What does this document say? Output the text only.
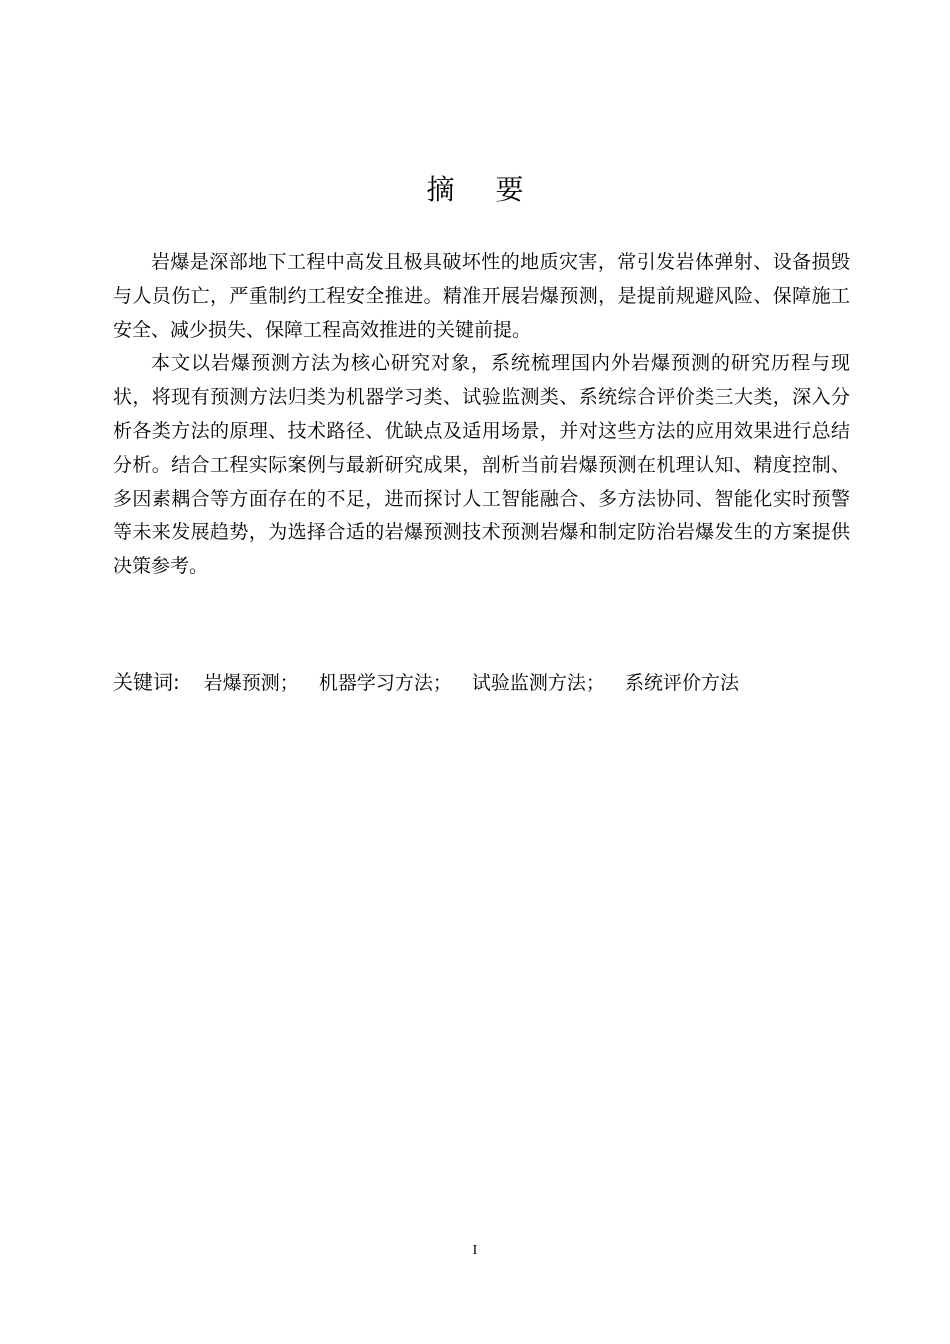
摘 要

岩爆是深部地下工程中高发且极具破坏性的地质灾害，常引发岩体弹射、设备损毁与人员伤亡，严重制约工程安全推进。精准开展岩爆预测，是提前规避风险、保障施工安全、减少损失、保障工程高效推进的关键前提。

本文以岩爆预测方法为核心研究对象，系统梳理国内外岩爆预测的研究历程与现状，将现有预测方法归类为机器学习类、试验监测类、系统综合评价类三大类，深入分析各类方法的原理、技术路径、优缺点及适用场景，并对这些方法的应用效果进行总结分析。结合工程实际案例与最新研究成果，剖析当前岩爆预测在机理认知、精度控制、多因素耦合等方面存在的不足，进而探讨人工智能融合、多方法协同、智能化实时预警等未来发展趋势，为选择合适的岩爆预测技术预测岩爆和制定防治岩爆发生的方案提供决策参考。

关键词: 岩爆预测； 机器学习方法； 试验监测方法； 系统评价方法
I
